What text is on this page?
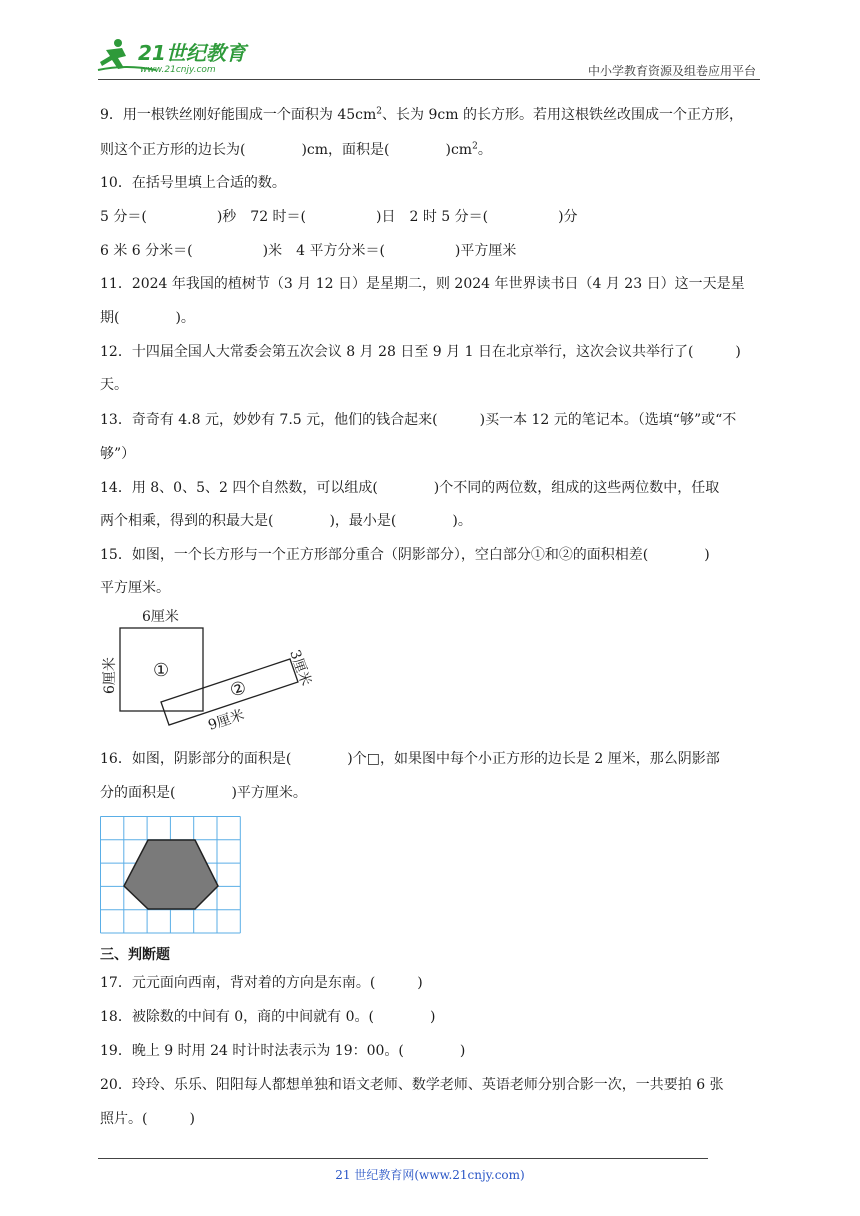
21世纪教育
www.21cnjy.com	中小学教育资源及组卷应用平台
9．用一根铁丝刚好能围成一个面积为 $45cm^2$、长为 9cm 的长方形。若用这根铁丝改围成一个正方形，
则这个正方形的边长为(　　　　)cm，面积是(　　　　)$cm^2$。
10．在括号里填上合适的数。
5 分＝(　　　　　)秒　72 时＝(　　　　　)日　2 时 5 分＝(　　　　　)分
6 米 6 分米＝(　　　　　)米　4 平方分米＝(　　　　　)平方厘米
11．2024 年我国的植树节（3 月 12 日）是星期二，则 2024 年世界读书日（4 月 23 日）这一天是星
期(　　　　)。
12．十四届全国人大常委会第五次会议 8 月 28 日至 9 月 1 日在北京举行，这次会议共举行了(　　　)
天。
13．奇奇有 4.8 元，妙妙有 7.5 元，他们的钱合起来(　　　)买一本 12 元的笔记本。（选填“够”或“不
够”）
14．用 8、0、5、2 四个自然数，可以组成(　　　　)个不同的两位数，组成的这些两位数中，任取
两个相乘，得到的积最大是(　　　　)，最小是(　　　　)。
15．如图，一个长方形与一个正方形部分重合（阴影部分），空白部分①和②的面积相差(　　　　)
平方厘米。
6厘米
6厘米 ①
②
3厘米
9厘米
16．如图，阴影部分的面积是(　　　　)个□，如果图中每个小正方形的边长是 2 厘米，那么阴影部
分的面积是(　　　　)平方厘米。
三、判断题
17．元元面向西南，背对着的方向是东南。(　　　)
18．被除数的中间有 0，商的中间就有 0。(　　　　)
19．晚上 9 时用 24 时计时法表示为 19：00。(　　　　)
20．玲玲、乐乐、阳阳每人都想单独和语文老师、数学老师、英语老师分别合影一次，一共要拍 6 张
照片。(　　　)
21 世纪教育网(www.21cnjy.com)
